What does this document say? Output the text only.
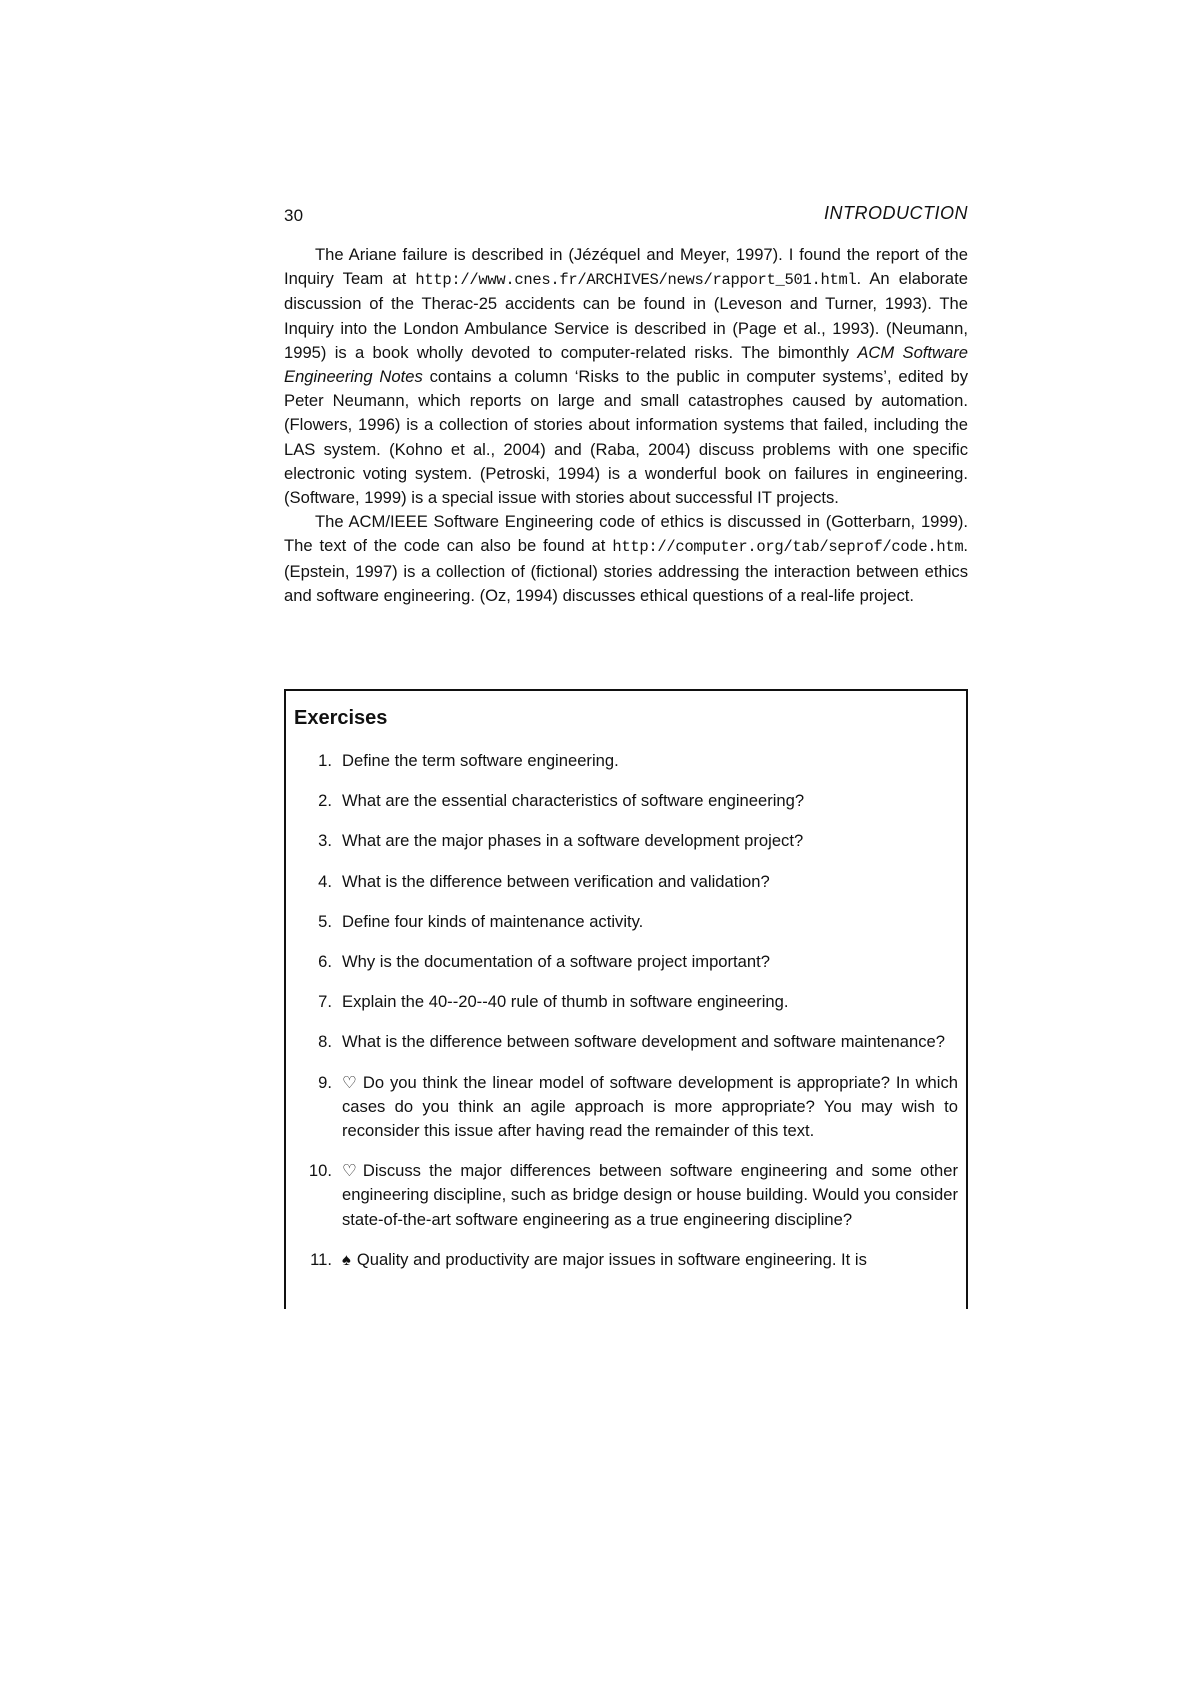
30	INTRODUCTION

The Ariane failure is described in (Jézéquel and Meyer, 1997). I found the report of the Inquiry Team at http://www.cnes.fr/ARCHIVES/news/rapport_501.html. An elaborate discussion of the Therac-25 accidents can be found in (Leveson and Turner, 1993). The Inquiry into the London Ambulance Service is described in (Page et al., 1993). (Neumann, 1995) is a book wholly devoted to computer-related risks. The bimonthly ACM Software Engineering Notes contains a column ‘Risks to the public in computer systems’, edited by Peter Neumann, which reports on large and small catastrophes caused by automation. (Flowers, 1996) is a collection of stories about information systems that failed, including the LAS system. (Kohno et al., 2004) and (Raba, 2004) discuss problems with one specific electronic voting system. (Petroski, 1994) is a wonderful book on failures in engineering. (Software, 1999) is a special issue with stories about successful IT projects.

The ACM/IEEE Software Engineering code of ethics is discussed in (Gotterbarn, 1999). The text of the code can also be found at http://computer.org/tab/seprof/code.htm. (Epstein, 1997) is a collection of (fictional) stories addressing the interaction between ethics and software engineering. (Oz, 1994) discusses ethical questions of a real-life project.

Exercises
1. Define the term software engineering.
2. What are the essential characteristics of software engineering?
3. What are the major phases in a software development project?
4. What is the difference between verification and validation?
5. Define four kinds of maintenance activity.
6. Why is the documentation of a software project important?
7. Explain the 40--20--40 rule of thumb in software engineering.
8. What is the difference between software development and software maintenance?
9. ♡ Do you think the linear model of software development is appropriate? In which cases do you think an agile approach is more appropriate? You may wish to reconsider this issue after having read the remainder of this text.
10. ♡ Discuss the major differences between software engineering and some other engineering discipline, such as bridge design or house building. Would you consider state-of-the-art software engineering as a true engineering discipline?
11. ♠ Quality and productivity are major issues in software engineering. It is
